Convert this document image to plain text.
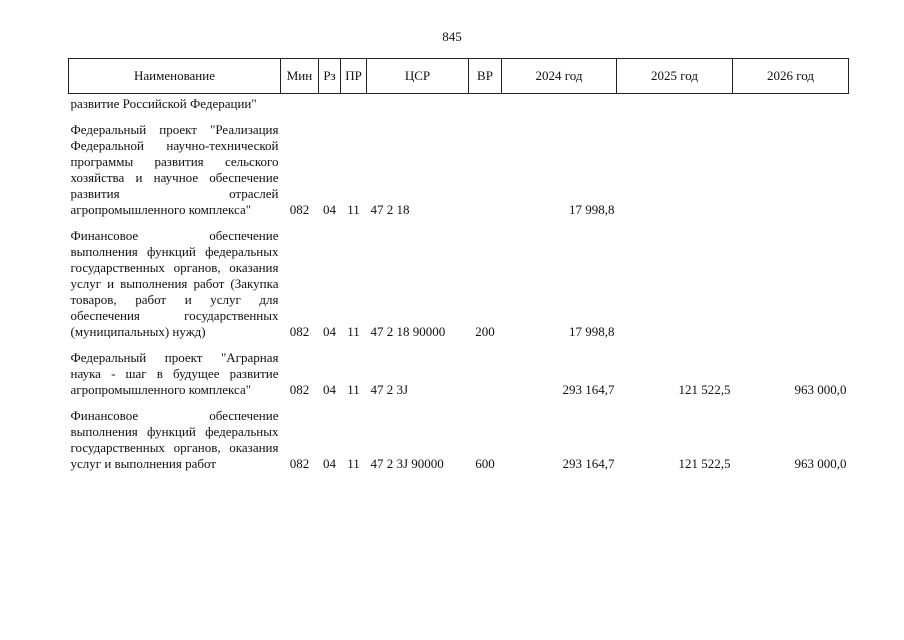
845
Наименование	Мин	Рз	ПР	ЦСР	ВР	2024 год	2025 год	2026 год
развитие Российской Федерации"								
Федеральный проект "Реализация Федеральной научно-технической программы развития сельского хозяйства и научное обеспечение развития отраслей агропромышленного комплекса"	082	04	11	47 2 18		17 998,8		
Финансовое обеспечение выполнения функций федеральных государственных органов, оказания услуг и выполнения работ (Закупка товаров, работ и услуг для обеспечения государственных (муниципальных) нужд)	082	04	11	47 2 18 90000	200	17 998,8		
Федеральный проект "Аграрная наука - шаг в будущее развитие агропромышленного комплекса"	082	04	11	47 2 3J		293 164,7	121 522,5	963 000,0
Финансовое обеспечение выполнения функций федеральных государственных органов, оказания услуг и выполнения работ	082	04	11	47 2 3J 90000	600	293 164,7	121 522,5	963 000,0
